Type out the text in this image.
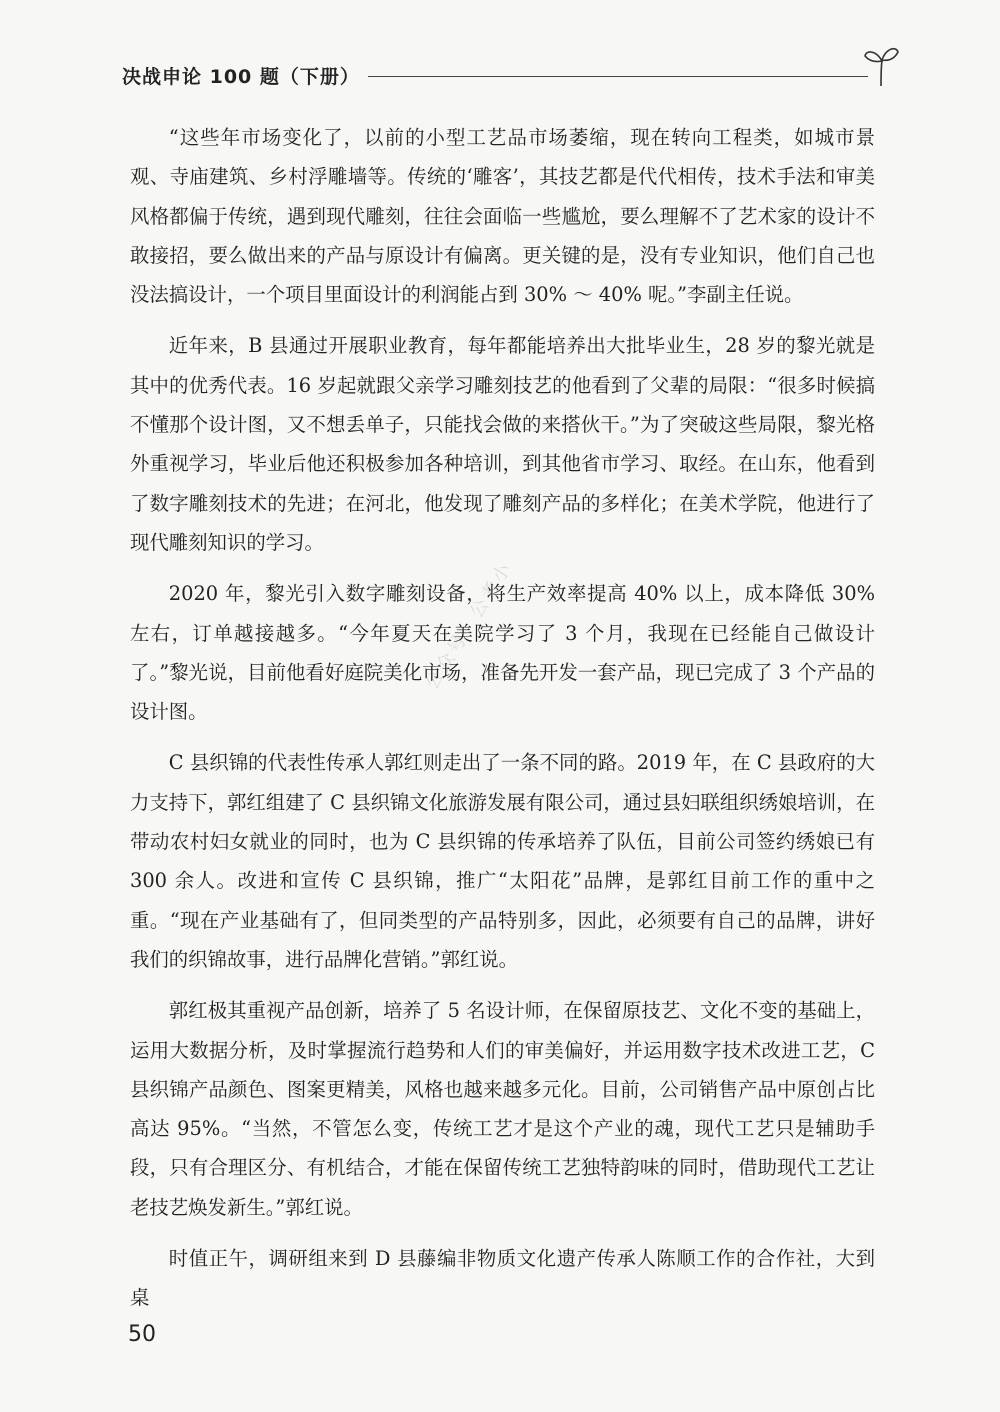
决战申论 100 题（下册）

“这些年市场变化了，以前的小型工艺品市场萎缩，现在转向工程类，如城市景观、寺庙建筑、乡村浮雕墙等。传统的‘雕客’，其技艺都是代代相传，技术手法和审美风格都偏于传统，遇到现代雕刻，往往会面临一些尴尬，要么理解不了艺术家的设计不敢接招，要么做出来的产品与原设计有偏离。更关键的是，没有专业知识，他们自己也没法搞设计，一个项目里面设计的利润能占到 30% ～ 40% 呢。”李副主任说。

近年来，B 县通过开展职业教育，每年都能培养出大批毕业生，28 岁的黎光就是其中的优秀代表。16 岁起就跟父亲学习雕刻技艺的他看到了父辈的局限：“很多时候搞不懂那个设计图，又不想丢单子，只能找会做的来搭伙干。”为了突破这些局限，黎光格外重视学习，毕业后他还积极参加各种培训，到其他省市学习、取经。在山东，他看到了数字雕刻技术的先进；在河北，他发现了雕刻产品的多样化；在美术学院，他进行了现代雕刻知识的学习。

2020 年，黎光引入数字雕刻设备，将生产效率提高 40% 以上，成本降低 30% 左右，订单越接越多。“今年夏天在美院学习了 3 个月，我现在已经能自己做设计了。”黎光说，目前他看好庭院美化市场，准备先开发一套产品，现已完成了 3 个产品的设计图。

C 县织锦的代表性传承人郭红则走出了一条不同的路。2019 年，在 C 县政府的大力支持下，郭红组建了 C 县织锦文化旅游发展有限公司，通过县妇联组织绣娘培训，在带动农村妇女就业的同时，也为 C 县织锦的传承培养了队伍，目前公司签约绣娘已有 300 余人。改进和宣传 C 县织锦，推广“太阳花”品牌，是郭红目前工作的重中之重。“现在产业基础有了，但同类型的产品特别多，因此，必须要有自己的品牌，讲好我们的织锦故事，进行品牌化营销。”郭红说。

郭红极其重视产品创新，培养了 5 名设计师，在保留原技艺、文化不变的基础上，运用大数据分析，及时掌握流行趋势和人们的审美偏好，并运用数字技术改进工艺，C 县织锦产品颜色、图案更精美，风格也越来越多元化。目前，公司销售产品中原创占比高达 95%。“当然，不管怎么变，传统工艺才是这个产业的魂，现代工艺只是辅助手段，只有合理区分、有机结合，才能在保留传统工艺独特韵味的同时，借助现代工艺让老技艺焕发新生。”郭红说。

时值正午，调研组来到 D 县藤编非物质文化遗产传承人陈顺工作的合作社，大到桌

公众号：公考小
50
